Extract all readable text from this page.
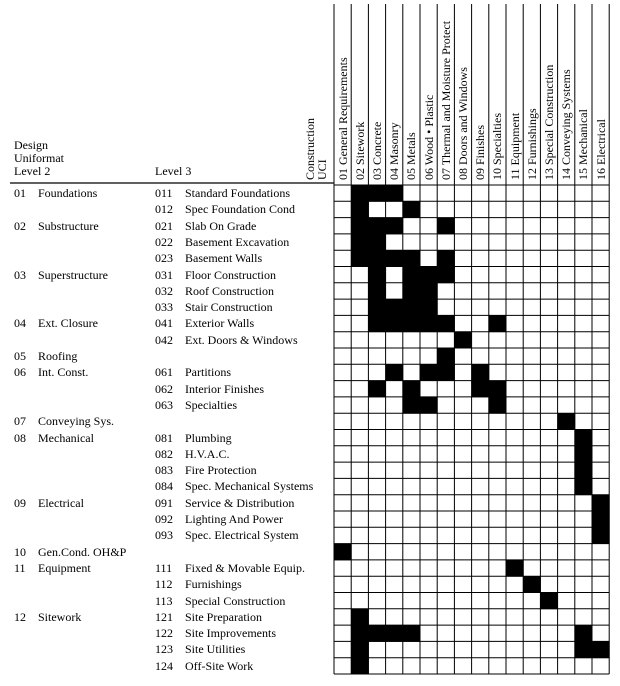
Design
Uniformat
Level 2	Level 3	Construction
UCI 01 General Requirements
02 Sitework
03 Concrete
04 Masonry
05 Metals
06 Wood • Plastic
07 Thermal and Moisture Protect
08 Doors and Windows
09 Finishes
10 Specialties
11 Equipment
12 Furnishings
13 Special Construction
14 Conveying Systems
15 Mechanical
16 Electrical
01 Foundations
02 Substructure
03 Superstructure
04 Ext. Closure
05 Roofing
06 Int. Const.
07 Conveying Sys.
08 Mechanical
09 Electrical
10 Gen.Cond. OH&P
11 Equipment
12 Sitework
011 Standard Foundations
012 Spec Foundation Cond
021 Slab On Grade
022 Basement Excavation
023 Basement Walls
031 Floor Construction
032 Roof Construction
033 Stair Construction
041 Exterior Walls
042 Ext. Doors & Windows
061 Partitions
062 Interior Finishes
063 Specialties
081 Plumbing
082 H.V.A.C.
083 Fire Protection
084 Spec. Mechanical Systems
091 Service & Distribution
092 Lighting And Power
093 Spec. Electrical System
111 Fixed & Movable Equip.
112 Furnishings
113 Special Construction
121 Site Preparation
122 Site Improvements
123 Site Utilities
124 Off-Site Work
